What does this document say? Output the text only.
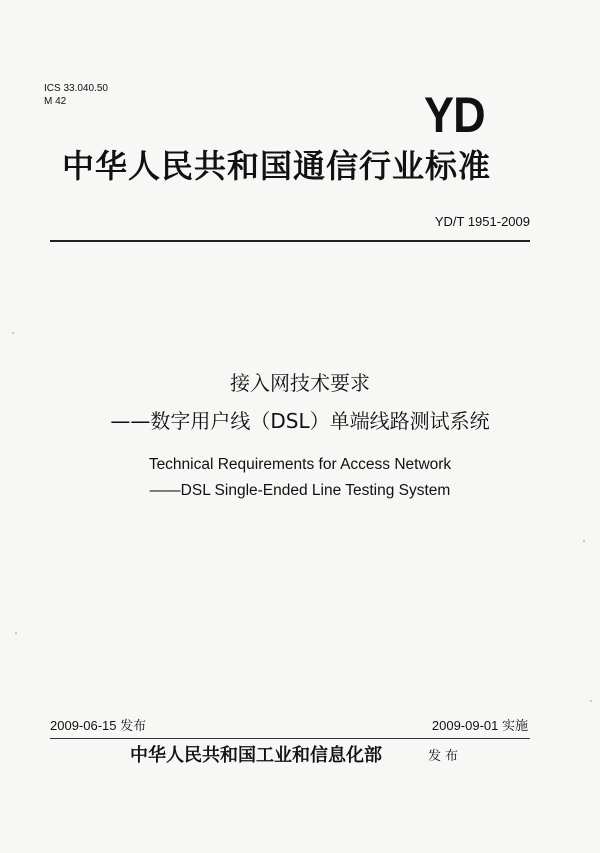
ICS 33.040.50
M 42	YD
中华人民共和国通信行业标准
YD/T 1951-2009
接入网技术要求
——数字用户线（DSL）单端线路测试系统
Technical Requirements for Access Network
——DSL Single-Ended Line Testing System
2009-06-15 发布	2009-09-01 实施
中华人民共和国工业和信息化部	发布
